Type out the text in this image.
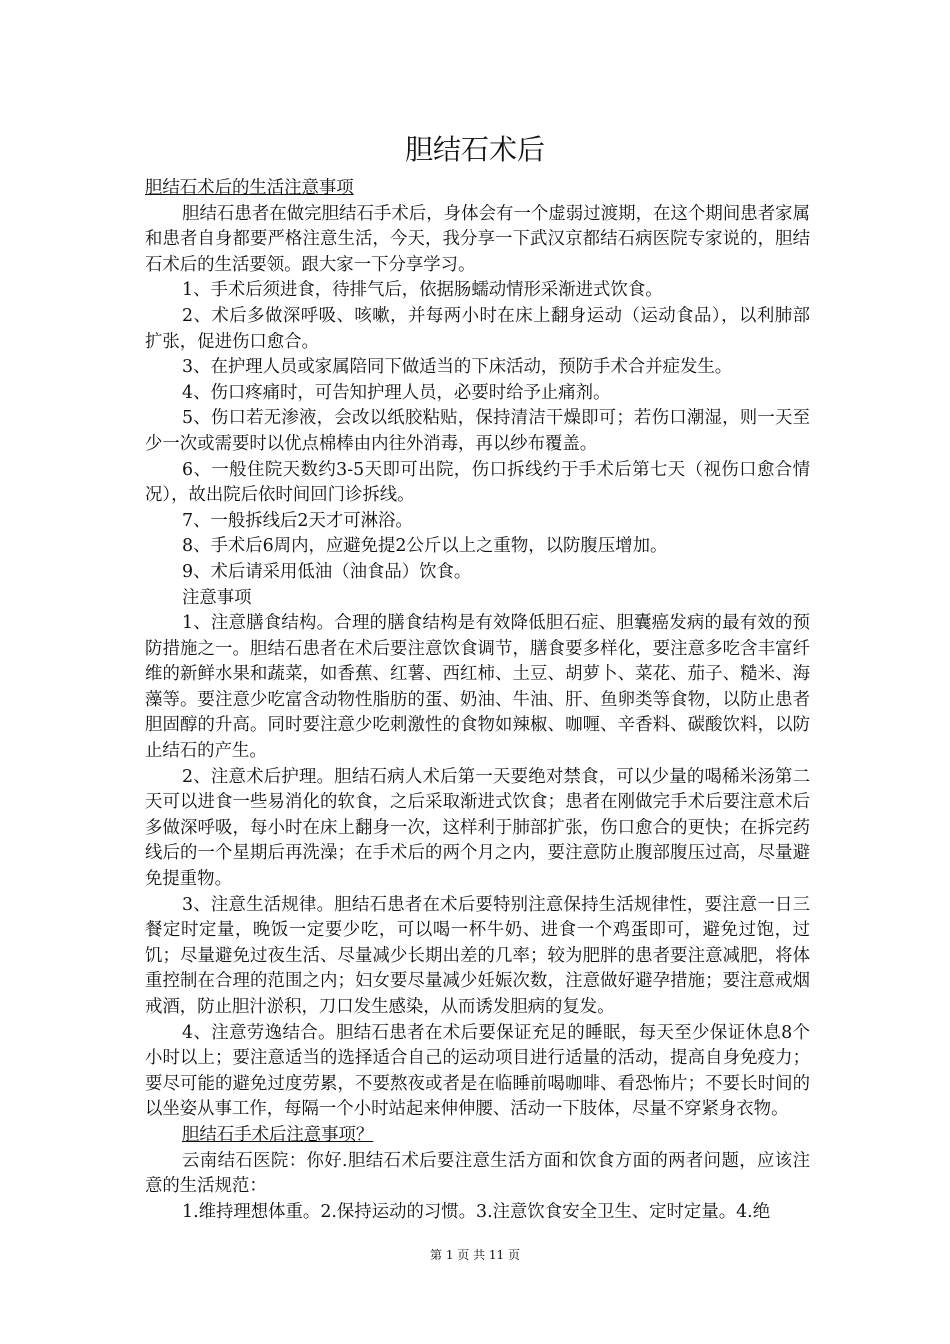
胆结石术后

胆结石术后的生活注意事项

胆结石患者在做完胆结石手术后，身体会有一个虚弱过渡期，在这个期间患者家属和患者自身都要严格注意生活，今天，我分享一下武汉京都结石病医院专家说的，胆结石术后的生活要领。跟大家一下分享学习。

1、手术后须进食，待排气后，依据肠蠕动情形采渐进式饮食。

2、术后多做深呼吸、咳嗽，并每两小时在床上翻身运动（运动食品），以利肺部扩张，促进伤口愈合。

3、在护理人员或家属陪同下做适当的下床活动，预防手术合并症发生。

4、伤口疼痛时，可告知护理人员，必要时给予止痛剂。

5、伤口若无渗液，会改以纸胶粘贴，保持清洁干燥即可；若伤口潮湿，则一天至少一次或需要时以优点棉棒由内往外消毒，再以纱布覆盖。

6、一般住院天数约3-5天即可出院，伤口拆线约于手术后第七天（视伤口愈合情况），故出院后依时间回门诊拆线。

7、一般拆线后2天才可淋浴。

8、手术后6周内，应避免提2公斤以上之重物，以防腹压增加。

9、术后请采用低油（油食品）饮食。

注意事项

1、注意膳食结构。合理的膳食结构是有效降低胆石症、胆囊癌发病的最有效的预防措施之一。胆结石患者在术后要注意饮食调节，膳食要多样化，要注意多吃含丰富纤维的新鲜水果和蔬菜，如香蕉、红薯、西红柿、土豆、胡萝卜、菜花、茄子、糙米、海藻等。要注意少吃富含动物性脂肪的蛋、奶油、牛油、肝、鱼卵类等食物，以防止患者胆固醇的升高。同时要注意少吃刺激性的食物如辣椒、咖喱、辛香料、碳酸饮料，以防止结石的产生。

2、注意术后护理。胆结石病人术后第一天要绝对禁食，可以少量的喝稀米汤第二天可以进食一些易消化的软食，之后采取渐进式饮食；患者在刚做完手术后要注意术后多做深呼吸，每小时在床上翻身一次，这样利于肺部扩张，伤口愈合的更快；在拆完药线后的一个星期后再洗澡；在手术后的两个月之内，要注意防止腹部腹压过高，尽量避免提重物。

3、注意生活规律。胆结石患者在术后要特别注意保持生活规律性，要注意一日三餐定时定量，晚饭一定要少吃，可以喝一杯牛奶、进食一个鸡蛋即可，避免过饱，过饥；尽量避免过夜生活、尽量减少长期出差的几率；较为肥胖的患者要注意减肥，将体重控制在合理的范围之内；妇女要尽量减少妊娠次数，注意做好避孕措施；要注意戒烟戒酒，防止胆汁淤积，刀口发生感染，从而诱发胆病的复发。

4、注意劳逸结合。胆结石患者在术后要保证充足的睡眠，每天至少保证休息8个小时以上；要注意适当的选择适合自己的运动项目进行适量的活动，提高自身免疫力；要尽可能的避免过度劳累，不要熬夜或者是在临睡前喝咖啡、看恐怖片；不要长时间的以坐姿从事工作，每隔一个小时站起来伸伸腰、活动一下肢体，尽量不穿紧身衣物。

胆结石手术后注意事项？

云南结石医院：你好.胆结石术后要注意生活方面和饮食方面的两者问题，应该注意的生活规范：

1.维持理想体重。2.保持运动的习惯。3.注意饮食安全卫生、定时定量。4.绝

第 1 页 共 11 页
